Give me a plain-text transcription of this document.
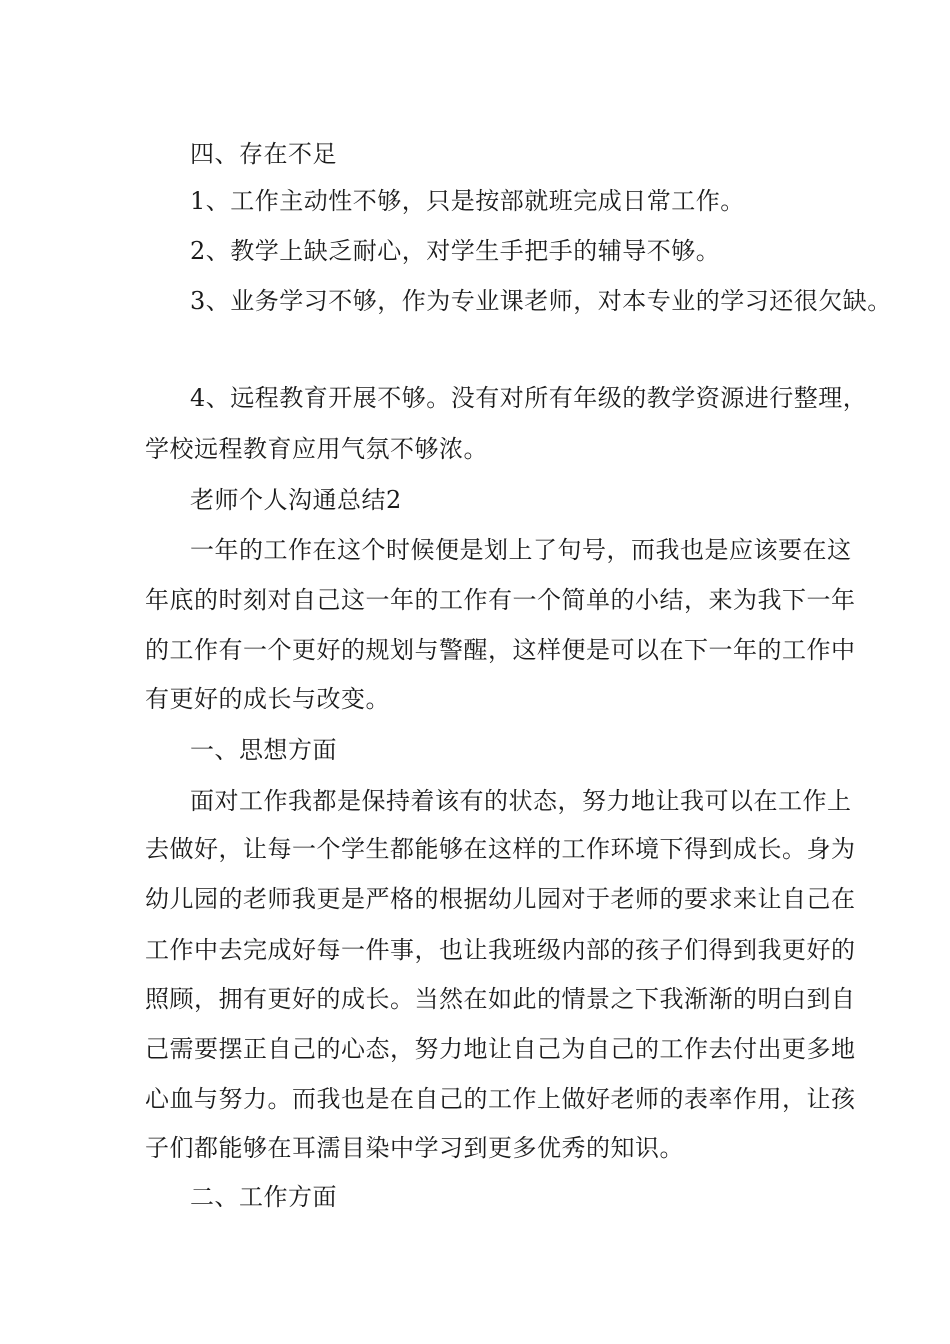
四、存在不足
1、工作主动性不够，只是按部就班完成日常工作。
2、教学上缺乏耐心，对学生手把手的辅导不够。
3、业务学习不够，作为专业课老师，对本专业的学习还很欠缺。
4、远程教育开展不够。没有对所有年级的教学资源进行整理，
学校远程教育应用气氛不够浓。
老师个人沟通总结2
一年的工作在这个时候便是划上了句号，而我也是应该要在这
年底的时刻对自己这一年的工作有一个简单的小结，来为我下一年
的工作有一个更好的规划与警醒，这样便是可以在下一年的工作中
有更好的成长与改变。
一、思想方面
面对工作我都是保持着该有的状态，努力地让我可以在工作上
去做好，让每一个学生都能够在这样的工作环境下得到成长。身为
幼儿园的老师我更是严格的根据幼儿园对于老师的要求来让自己在
工作中去完成好每一件事，也让我班级内部的孩子们得到我更好的
照顾，拥有更好的成长。当然在如此的情景之下我渐渐的明白到自
己需要摆正自己的心态，努力地让自己为自己的工作去付出更多地
心血与努力。而我也是在自己的工作上做好老师的表率作用，让孩
子们都能够在耳濡目染中学习到更多优秀的知识。
二、工作方面
